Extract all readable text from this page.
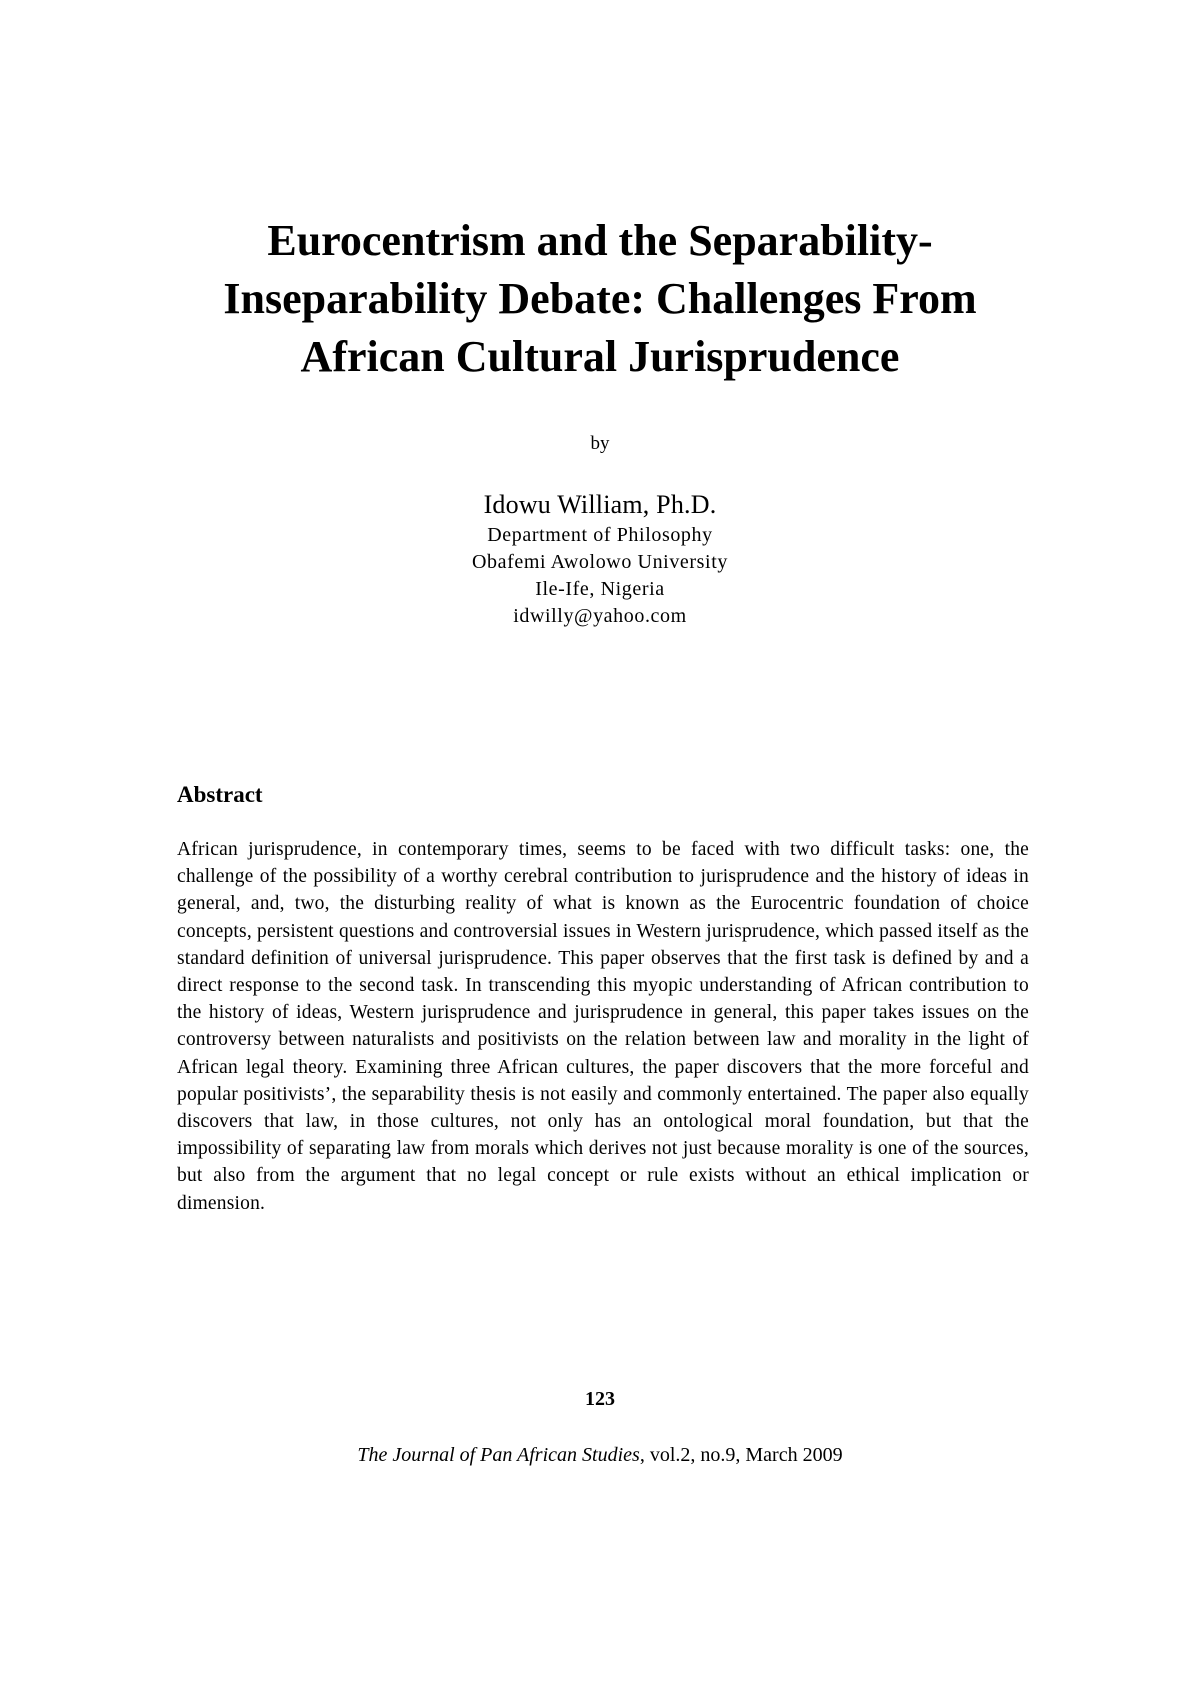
Eurocentrism and the Separability-
Inseparability Debate: Challenges From
African Cultural Jurisprudence
by
Idowu William, Ph.D.
Department of Philosophy
Obafemi Awolowo University
Ile-Ife, Nigeria
idwilly@yahoo.com
Abstract

African jurisprudence, in contemporary times, seems to be faced with two difficult tasks: one, the challenge of the possibility of a worthy cerebral contribution to jurisprudence and the history of ideas in general, and, two, the disturbing reality of what is known as the Eurocentric foundation of choice concepts, persistent questions and controversial issues in Western jurisprudence, which passed itself as the standard definition of universal jurisprudence. This paper observes that the first task is defined by and a direct response to the second task. In transcending this myopic understanding of African contribution to the history of ideas, Western jurisprudence and jurisprudence in general, this paper takes issues on the controversy between naturalists and positivists on the relation between law and morality in the light of African legal theory. Examining three African cultures, the paper discovers that the more forceful and popular positivists’, the separability thesis is not easily and commonly entertained. The paper also equally discovers that law, in those cultures, not only has an ontological moral foundation, but that the impossibility of separating law from morals which derives not just because morality is one of the sources, but also from the argument that no legal concept or rule exists without an ethical implication or dimension.

123
The Journal of Pan African Studies, vol.2, no.9, March 2009
